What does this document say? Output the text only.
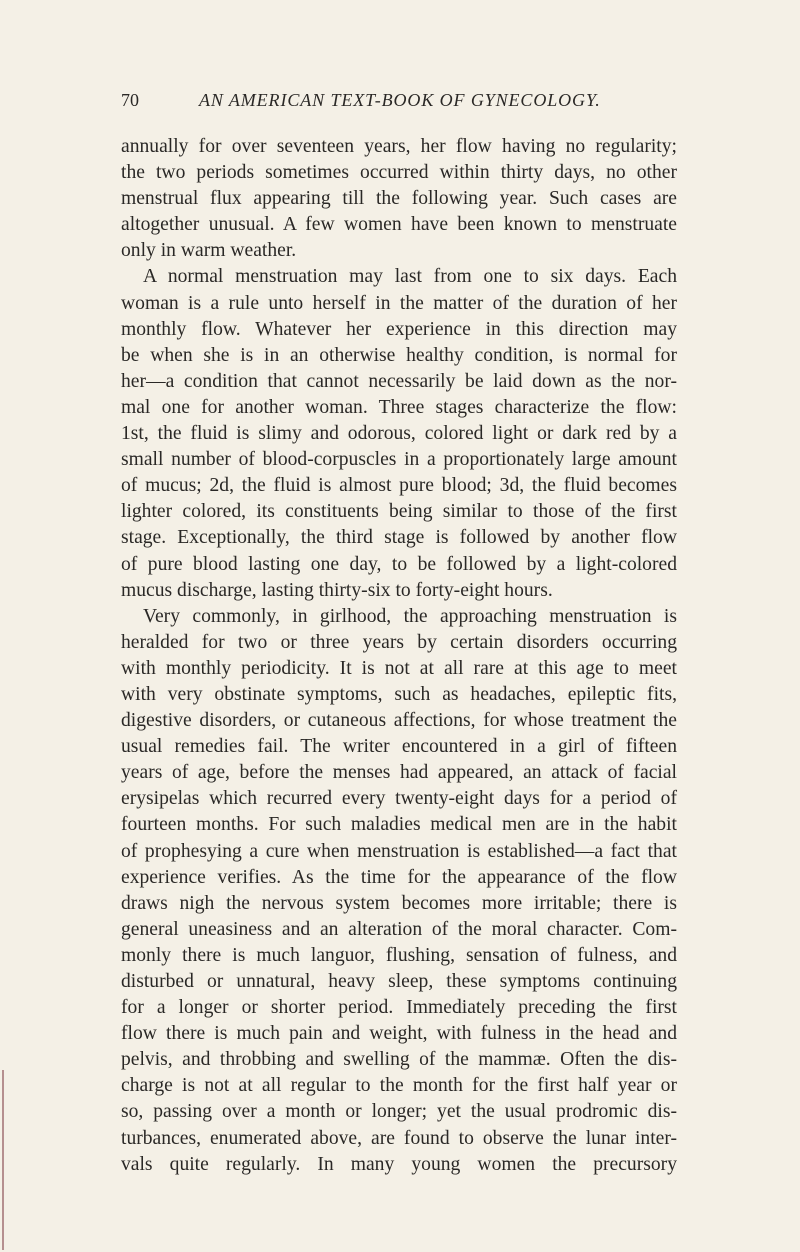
70	AN AMERICAN TEXT-BOOK OF GYNECOLOGY.
annually for over seventeen years, her flow having no regularity;
the two periods sometimes occurred within thirty days, no other
menstrual flux appearing till the following year. Such cases are
altogether unusual. A few women have been known to menstruate
only in warm weather.
A normal menstruation may last from one to six days. Each
woman is a rule unto herself in the matter of the duration of her
monthly flow. Whatever her experience in this direction may
be when she is in an otherwise healthy condition, is normal for
her—a condition that cannot necessarily be laid down as the nor-
mal one for another woman. Three stages characterize the flow:
1st, the fluid is slimy and odorous, colored light or dark red by a
small number of blood-corpuscles in a proportionately large amount
of mucus; 2d, the fluid is almost pure blood; 3d, the fluid becomes
lighter colored, its constituents being similar to those of the first
stage. Exceptionally, the third stage is followed by another flow
of pure blood lasting one day, to be followed by a light-colored
mucus discharge, lasting thirty-six to forty-eight hours.
Very commonly, in girlhood, the approaching menstruation is
heralded for two or three years by certain disorders occurring
with monthly periodicity. It is not at all rare at this age to meet
with very obstinate symptoms, such as headaches, epileptic fits,
digestive disorders, or cutaneous affections, for whose treatment the
usual remedies fail. The writer encountered in a girl of fifteen
years of age, before the menses had appeared, an attack of facial
erysipelas which recurred every twenty-eight days for a period of
fourteen months. For such maladies medical men are in the habit
of prophesying a cure when menstruation is established—a fact that
experience verifies. As the time for the appearance of the flow
draws nigh the nervous system becomes more irritable; there is
general uneasiness and an alteration of the moral character. Com-
monly there is much languor, flushing, sensation of fulness, and
disturbed or unnatural, heavy sleep, these symptoms continuing
for a longer or shorter period. Immediately preceding the first
flow there is much pain and weight, with fulness in the head and
pelvis, and throbbing and swelling of the mammæ. Often the dis-
charge is not at all regular to the month for the first half year or
so, passing over a month or longer; yet the usual prodromic dis-
turbances, enumerated above, are found to observe the lunar inter-
vals quite regularly. In many young women the precursory
